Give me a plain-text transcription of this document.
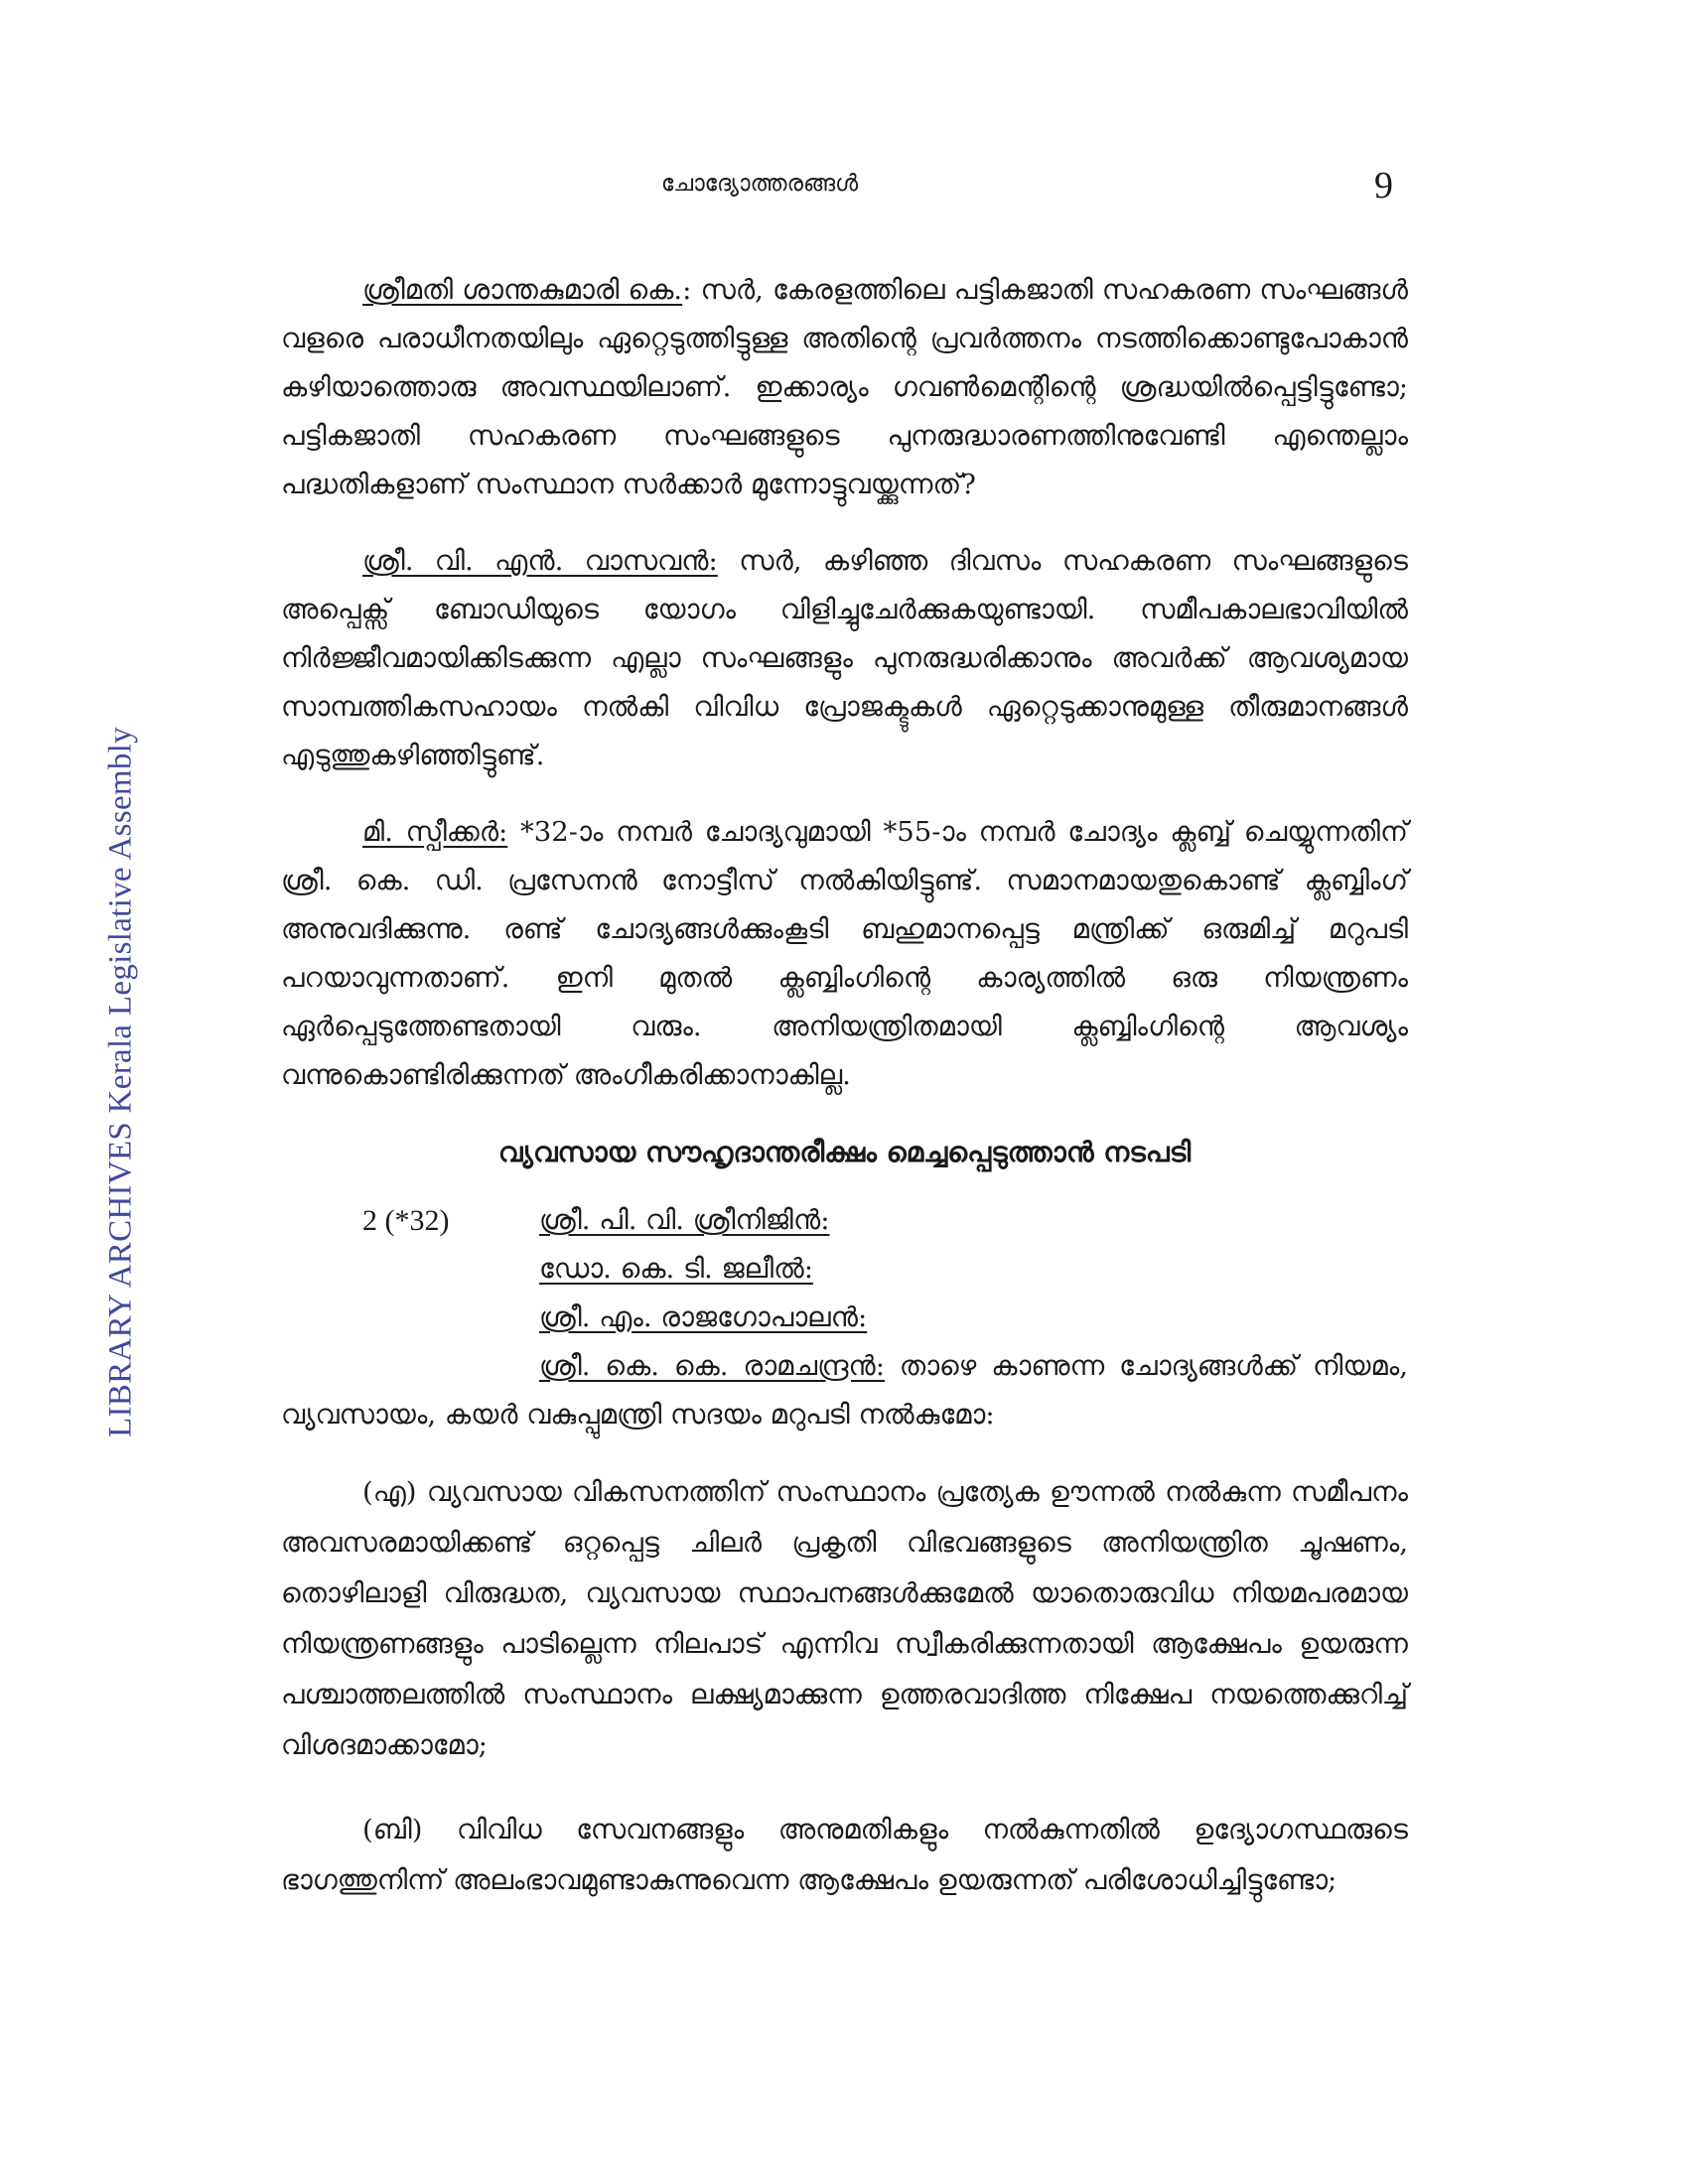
LIBRARY ARCHIVES Kerala Legislative Assembly
ചോദ്യോത്തരങ്ങൾ	9

ശ്രീമതി ശാന്തകുമാരി കെ.: സർ, കേരളത്തിലെ പട്ടികജാതി സഹകരണ സംഘങ്ങൾ വളരെ പരാധീനതയിലും ഏറ്റെടുത്തിട്ടുള്ള അതിന്റെ പ്രവർത്തനം നടത്തിക്കൊണ്ടുപോകാൻ കഴിയാത്തൊരു അവസ്ഥയിലാണ്. ഇക്കാര്യം ഗവൺമെന്റിന്റെ ശ്രദ്ധയിൽപ്പെട്ടിട്ടുണ്ടോ; പട്ടികജാതി സഹകരണ സംഘങ്ങളുടെ പുനരുദ്ധാരണത്തിനുവേണ്ടി എന്തെല്ലാം പദ്ധതികളാണ് സംസ്ഥാന സർക്കാർ മുന്നോട്ടുവയ്ക്കുന്നത്?

ശ്രീ. വി. എൻ. വാസവൻ: സർ, കഴിഞ്ഞ ദിവസം സഹകരണ സംഘങ്ങളുടെ അപ്പെക്സ് ബോഡിയുടെ യോഗം വിളിച്ചുചേർക്കുകയുണ്ടായി. സമീപകാലഭാവിയിൽ നിർജ്ജീവമായിക്കിടക്കുന്ന എല്ലാ സംഘങ്ങളും പുനരുദ്ധരിക്കാനും അവർക്ക് ആവശ്യമായ സാമ്പത്തികസഹായം നൽകി വിവിധ പ്രോജക്ടുകൾ ഏറ്റെടുക്കാനുമുള്ള തീരുമാനങ്ങൾ എടുത്തുകഴിഞ്ഞിട്ടുണ്ട്.

മി. സ്പീക്കർ: *32-ാം നമ്പർ ചോദ്യവുമായി *55-ാം നമ്പർ ചോദ്യം ക്ലബ്ബ് ചെയ്യുന്നതിന് ശ്രീ. കെ. ഡി. പ്രസേനൻ നോട്ടീസ് നൽകിയിട്ടുണ്ട്. സമാനമായതുകൊണ്ട് ക്ലബ്ബിംഗ് അനുവദിക്കുന്നു. രണ്ട് ചോദ്യങ്ങൾക്കുംകൂടി ബഹുമാനപ്പെട്ട മന്ത്രിക്ക് ഒരുമിച്ച് മറുപടി പറയാവുന്നതാണ്. ഇനി മുതൽ ക്ലബ്ബിംഗിന്റെ കാര്യത്തിൽ ഒരു നിയന്ത്രണം ഏർപ്പെടുത്തേണ്ടതായി വരും. അനിയന്ത്രിതമായി ക്ലബ്ബിംഗിന്റെ ആവശ്യം വന്നുകൊണ്ടിരിക്കുന്നത് അംഗീകരിക്കാനാകില്ല.

വ്യവസായ സൗഹൃദാന്തരീക്ഷം മെച്ചപ്പെടുത്താൻ നടപടി
2 (*32)	ശ്രീ. പി. വി. ശ്രീനിജിൻ:
ഡോ. കെ. ടി. ജലീൽ:
ശ്രീ. എം. രാജഗോപാലൻ:

ശ്രീ. കെ. കെ. രാമചന്ദ്രൻ: താഴെ കാണുന്ന ചോദ്യങ്ങൾക്ക് നിയമം, വ്യവസായം, കയർ വകുപ്പുമന്ത്രി സദയം മറുപടി നൽകുമോ:

(എ) വ്യവസായ വികസനത്തിന് സംസ്ഥാനം പ്രത്യേക ഊന്നൽ നൽകുന്ന സമീപനം അവസരമായിക്കണ്ട് ഒറ്റപ്പെട്ട ചിലർ പ്രകൃതി വിഭവങ്ങളുടെ അനിയന്ത്രിത ചൂഷണം, തൊഴിലാളി വിരുദ്ധത, വ്യവസായ സ്ഥാപനങ്ങൾക്കുമേൽ യാതൊരുവിധ നിയമപരമായ നിയന്ത്രണങ്ങളും പാടില്ലെന്ന നിലപാട് എന്നിവ സ്വീകരിക്കുന്നതായി ആക്ഷേപം ഉയരുന്ന പശ്ചാത്തലത്തിൽ സംസ്ഥാനം ലക്ഷ്യമാക്കുന്ന ഉത്തരവാദിത്ത നിക്ഷേപ നയത്തെക്കുറിച്ച് വിശദമാക്കാമോ;

(ബി) വിവിധ സേവനങ്ങളും അനുമതികളും നൽകുന്നതിൽ ഉദ്യോഗസ്ഥരുടെ ഭാഗത്തുനിന്ന് അലംഭാവമുണ്ടാകുന്നുവെന്ന ആക്ഷേപം ഉയരുന്നത് പരിശോധിച്ചിട്ടുണ്ടോ;
